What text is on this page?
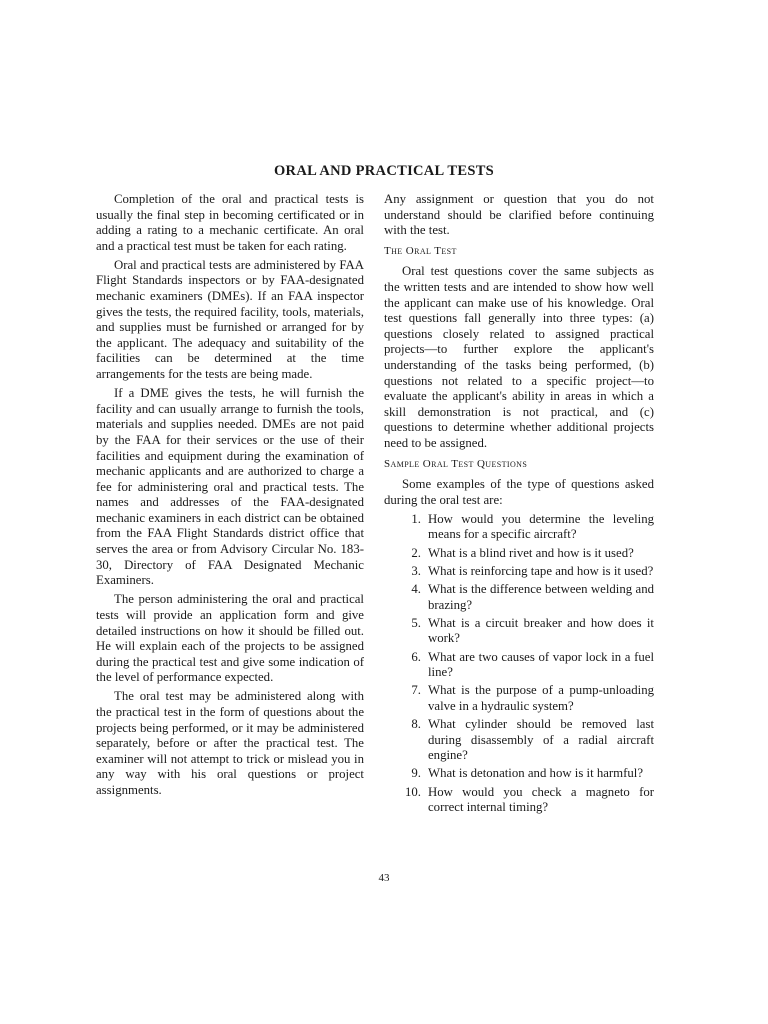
ORAL AND PRACTICAL TESTS

Completion of the oral and practical tests is usually the final step in becoming certificated or in adding a rating to a mechanic certificate. An oral and a practical test must be taken for each rating.

Oral and practical tests are administered by FAA Flight Standards inspectors or by FAA-designated mechanic examiners (DMEs). If an FAA inspector gives the tests, the required facility, tools, materials, and supplies must be furnished or arranged for by the applicant. The adequacy and suitability of the facilities can be determined at the time arrangements for the tests are being made.

If a DME gives the tests, he will furnish the facility and can usually arrange to furnish the tools, materials and supplies needed. DMEs are not paid by the FAA for their services or the use of their facilities and equipment during the examination of mechanic applicants and are authorized to charge a fee for administering oral and practical tests. The names and addresses of the FAA-designated mechanic examiners in each district can be obtained from the FAA Flight Standards district office that serves the area or from Advisory Circular No. 183-30, Directory of FAA Designated Mechanic Examiners.

The person administering the oral and practical tests will provide an application form and give detailed instructions on how it should be filled out. He will explain each of the projects to be assigned during the practical test and give some indication of the level of performance expected.

The oral test may be administered along with the practical test in the form of questions about the projects being performed, or it may be administered separately, before or after the practical test. The examiner will not attempt to trick or mislead you in any way with his oral questions or project assignments.

Any assignment or question that you do not understand should be clarified before continuing with the test.

The Oral Test

Oral test questions cover the same subjects as the written tests and are intended to show how well the applicant can make use of his knowledge. Oral test questions fall generally into three types: (a) questions closely related to assigned practical projects—to further explore the applicant's understanding of the tasks being performed, (b) questions not related to a specific project—to evaluate the applicant's ability in areas in which a skill demonstration is not practical, and (c) questions to determine whether additional projects need to be assigned.

Sample Oral Test Questions

Some examples of the type of questions asked during the oral test are:

1. How would you determine the leveling means for a specific aircraft?
2. What is a blind rivet and how is it used?
3. What is reinforcing tape and how is it used?
4. What is the difference between welding and brazing?
5. What is a circuit breaker and how does it work?
6. What are two causes of vapor lock in a fuel line?
7. What is the purpose of a pump-unloading valve in a hydraulic system?
8. What cylinder should be removed last during disassembly of a radial aircraft engine?
9. What is detonation and how is it harmful?
10. How would you check a magneto for correct internal timing?
43
